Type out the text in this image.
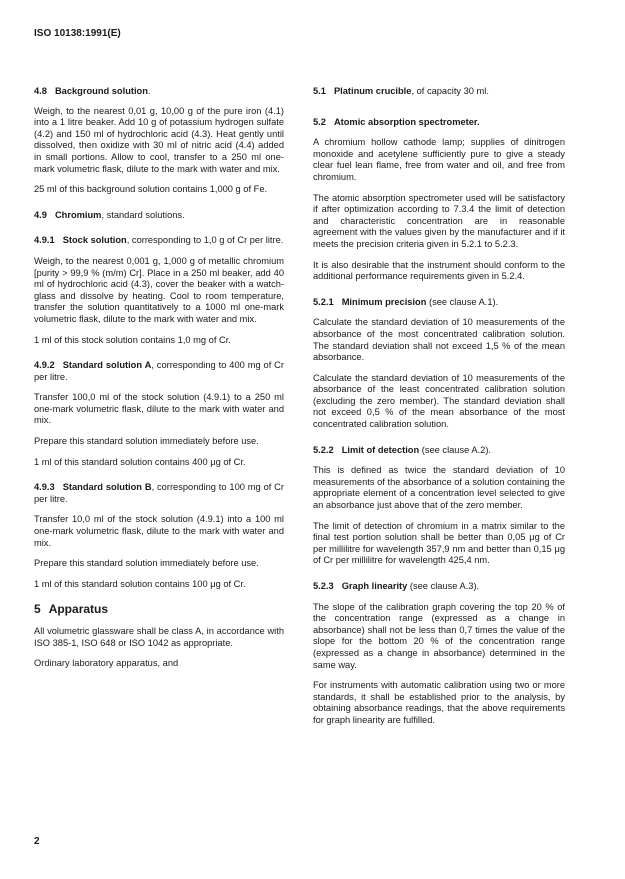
ISO 10138:1991(E)
4.8 Background solution.

Weigh, to the nearest 0,01 g, 10,00 g of the pure iron (4.1) into a 1 litre beaker. Add 10 g of potassium hydrogen sulfate (4.2) and 150 ml of hydrochloric acid (4.3). Heat gently until dissolved, then oxidize with 30 ml of nitric acid (4.4) added in small portions. Allow to cool, transfer to a 250 ml one-mark volumetric flask, dilute to the mark with water and mix.

25 ml of this background solution contains 1,000 g of Fe.

4.9 Chromium, standard solutions.

4.9.1 Stock solution, corresponding to 1,0 g of Cr per litre.

Weigh, to the nearest 0,001 g, 1,000 g of metallic chromium [purity > 99,9 % (m/m) Cr]. Place in a 250 ml beaker, add 40 ml of hydrochloric acid (4.3), cover the beaker with a watch-glass and dissolve by heating. Cool to room temperature, transfer the solution quantitatively to a 1000 ml one-mark volumetric flask, dilute to the mark with water and mix.

1 ml of this stock solution contains 1,0 mg of Cr.

4.9.2 Standard solution A, corresponding to 400 mg of Cr per litre.

Transfer 100,0 ml of the stock solution (4.9.1) to a 250 ml one-mark volumetric flask, dilute to the mark with water and mix.

Prepare this standard solution immediately before use.

1 ml of this standard solution contains 400 μg of Cr.

4.9.3 Standard solution B, corresponding to 100 mg of Cr per litre.

Transfer 10,0 ml of the stock solution (4.9.1) into a 100 ml one-mark volumetric flask, dilute to the mark with water and mix.

Prepare this standard solution immediately before use.

1 ml of this standard solution contains 100 μg of Cr.

5 Apparatus

All volumetric glassware shall be class A, in accordance with ISO 385-1, ISO 648 or ISO 1042 as appropriate.

Ordinary laboratory apparatus, and

5.1 Platinum crucible, of capacity 30 ml.

5.2 Atomic absorption spectrometer.

A chromium hollow cathode lamp; supplies of dinitrogen monoxide and acetylene sufficiently pure to give a steady clear fuel lean flame, free from water and oil, and free from chromium.

The atomic absorption spectrometer used will be satisfactory if after optimization according to 7.3.4 the limit of detection and characteristic concentration are in reasonable agreement with the values given by the manufacturer and if it meets the precision criteria given in 5.2.1 to 5.2.3.

It is also desirable that the instrument should conform to the additional performance requirements given in 5.2.4.

5.2.1 Minimum precision (see clause A.1).

Calculate the standard deviation of 10 measurements of the absorbance of the most concentrated calibration solution. The standard deviation shall not exceed 1,5 % of the mean absorbance.

Calculate the standard deviation of 10 measurements of the absorbance of the least concentrated calibration solution (excluding the zero member). The standard deviation shall not exceed 0,5 % of the mean absorbance of the most concentrated calibration solution.

5.2.2 Limit of detection (see clause A.2).

This is defined as twice the standard deviation of 10 measurements of the absorbance of a solution containing the appropriate element of a concentration level selected to give an absorbance just above that of the zero member.

The limit of detection of chromium in a matrix similar to the final test portion solution shall be better than 0,05 μg of Cr per millilitre for wavelength 357,9 nm and better than 0,15 μg of Cr per millilitre for wavelength 425,4 nm.

5.2.3 Graph linearity (see clause A.3).

The slope of the calibration graph covering the top 20 % of the concentration range (expressed as a change in absorbance) shall not be less than 0,7 times the value of the slope for the bottom 20 % of the concentration range (expressed as a change in absorbance) determined in the same way.

For instruments with automatic calibration using two or more standards, it shall be established prior to the analysis, by obtaining absorbance readings, that the above requirements for graph linearity are fulfilled.

2
